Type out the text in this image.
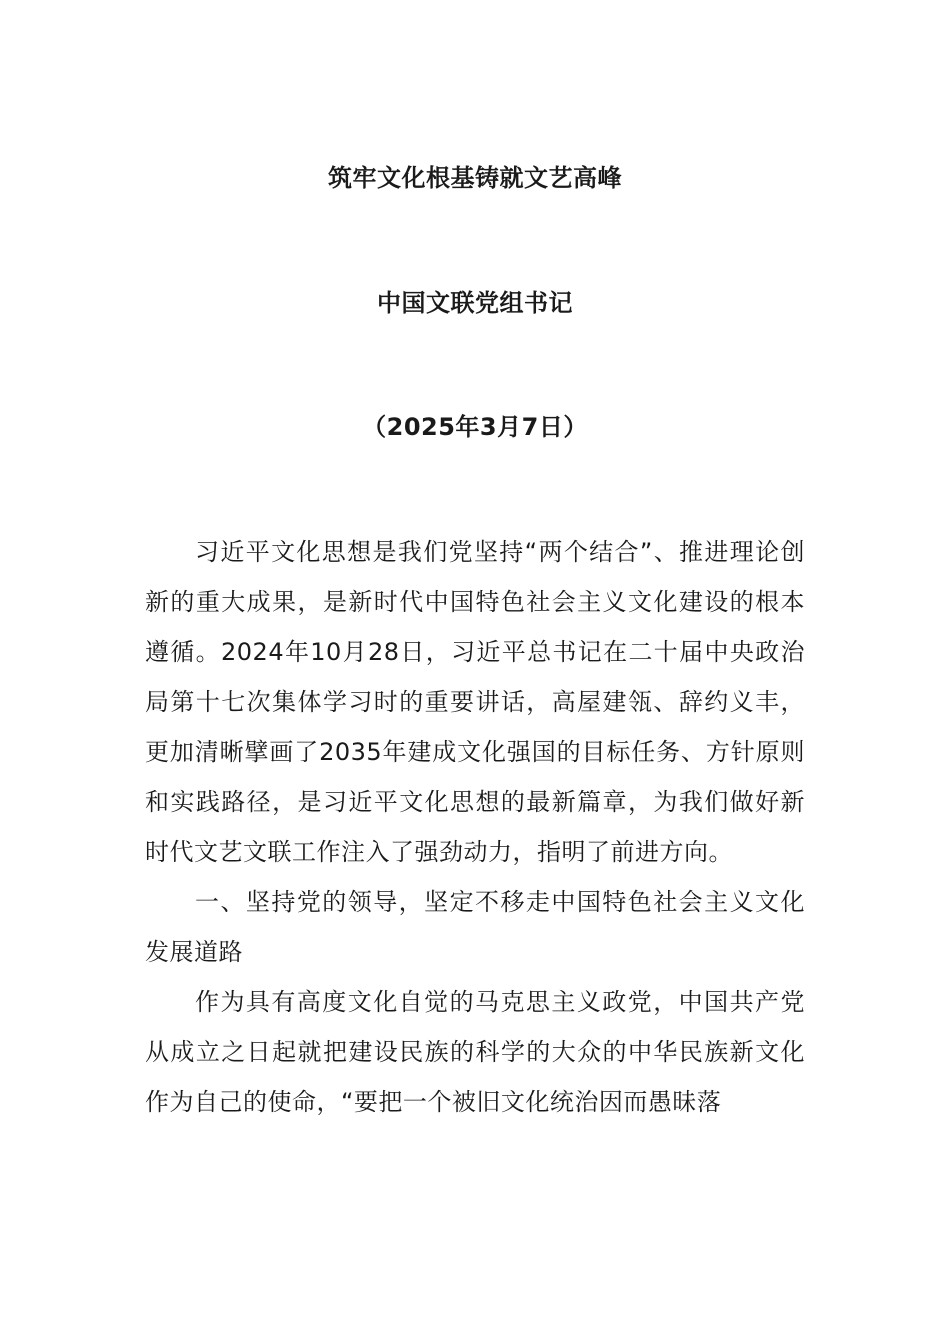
筑牢文化根基铸就文艺高峰
中国文联党组书记
（2025年3月7日）

习近平文化思想是我们党坚持“两个结合”、推进理论创新的重大成果，是新时代中国特色社会主义文化建设的根本遵循。2024年10月28日，习近平总书记在二十届中央政治局第十七次集体学习时的重要讲话，高屋建瓴、辞约义丰，更加清晰擘画了2035年建成文化强国的目标任务、方针原则和实践路径，是习近平文化思想的最新篇章，为我们做好新时代文艺文联工作注入了强劲动力，指明了前进方向。

一、坚持党的领导，坚定不移走中国特色社会主义文化发展道路

作为具有高度文化自觉的马克思主义政党，中国共产党从成立之日起就把建设民族的科学的大众的中华民族新文化作为自己的使命，“要把一个被旧文化统治因而愚昧落
